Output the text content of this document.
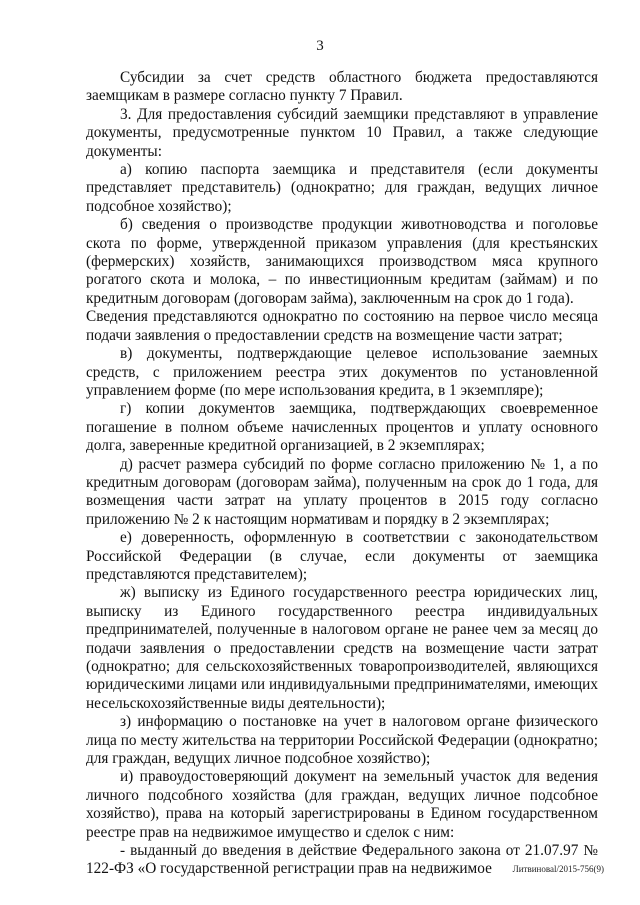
3

Субсидии за счет средств областного бюджета предоставляются заемщикам в размере согласно пункту 7 Правил.

3. Для предоставления субсидий заемщики представляют в управление документы, предусмотренные пунктом 10 Правил, а также следующие документы:

а) копию паспорта заемщика и представителя (если документы представляет представитель) (однократно; для граждан, ведущих личное подсобное хозяйство);

б) сведения о производстве продукции животноводства и поголовье скота по форме, утвержденной приказом управления (для крестьянских (фермерских) хозяйств, занимающихся производством мяса крупного рогатого скота и молока, – по инвестиционным кредитам (займам) и по кредитным договорам (договорам займа), заключенным на срок до 1 года).

Сведения представляются однократно по состоянию на первое число месяца подачи заявления о предоставлении средств на возмещение части затрат;

в) документы, подтверждающие целевое использование заемных средств, с приложением реестра этих документов по установленной управлением форме (по мере использования кредита, в 1 экземпляре);

г) копии документов заемщика, подтверждающих своевременное погашение в полном объеме начисленных процентов и уплату основного долга, заверенные кредитной организацией, в 2 экземплярах;

д) расчет размера субсидий по форме согласно приложению № 1, а по кредитным договорам (договорам займа), полученным на срок до 1 года, для возмещения части затрат на уплату процентов в 2015 году согласно приложению № 2 к настоящим нормативам и порядку в 2 экземплярах;

е) доверенность, оформленную в соответствии с законодательством Российской Федерации (в случае, если документы от заемщика представляются представителем);

ж) выписку из Единого государственного реестра юридических лиц, выписку из Единого государственного реестра индивидуальных предпринимателей, полученные в налоговом органе не ранее чем за месяц до подачи заявления о предоставлении средств на возмещение части затрат (однократно; для сельскохозяйственных товаропроизводителей, являющихся юридическими лицами или индивидуальными предпринимателями, имеющих несельскохозяйственные виды деятельности);

з) информацию о постановке на учет в налоговом органе физического лица по месту жительства на территории Российской Федерации (однократно; для граждан, ведущих личное подсобное хозяйство);

и) правоудостоверяющий документ на земельный участок для ведения личного подсобного хозяйства (для граждан, ведущих личное подсобное хозяйство), права на который зарегистрированы в Едином государственном реестре прав на недвижимое имущество и сделок с ним:

- выданный до введения в действие Федерального закона от 21.07.97 № 122-ФЗ «О государственной регистрации прав на недвижимое	Литвиноваl/2015-756(9)
